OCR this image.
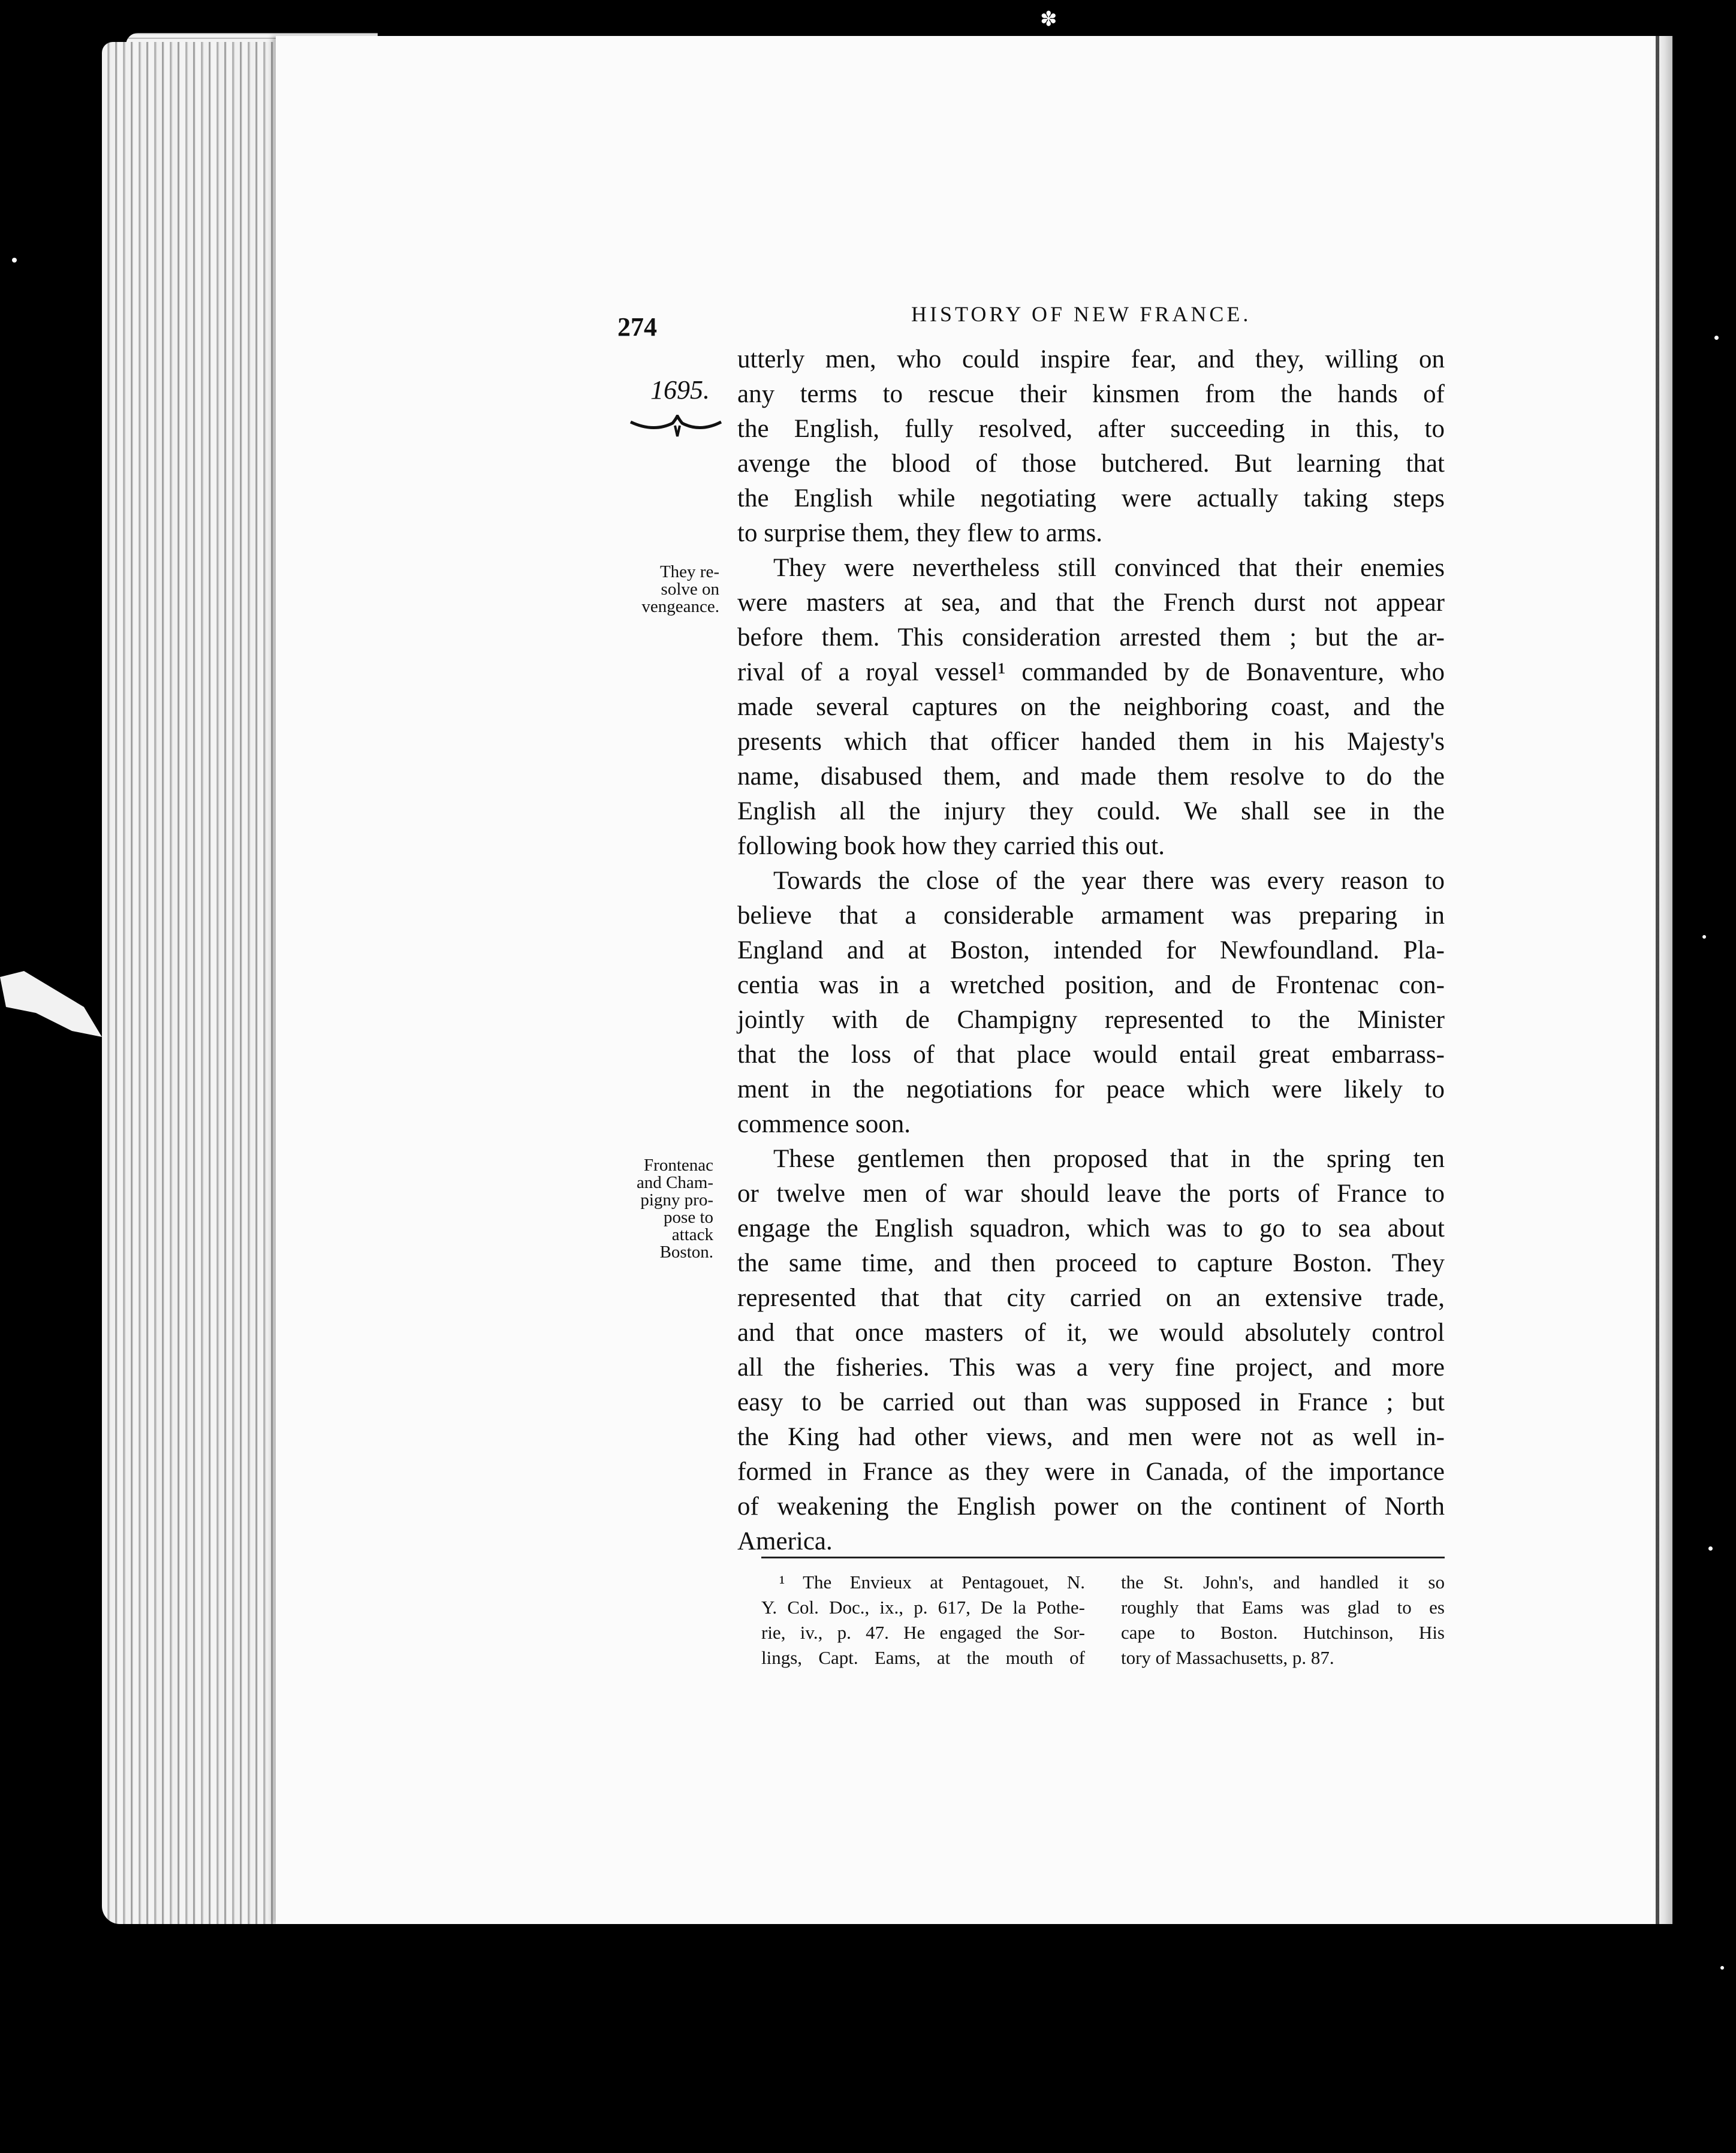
✽
274	HISTORY OF NEW FRANCE.
1695.
They re-
solve on
vengeance.
Frontenac
and Cham-
pigny pro-
pose to
attack
Boston.
utterly men, who could inspire fear, and they, willing on
any terms to rescue their kinsmen from the hands of
the English, fully resolved, after succeeding in this, to
avenge the blood of those butchered. But learning that
the English while negotiating were actually taking steps
to surprise them, they flew to arms.
They were nevertheless still convinced that their enemies
were masters at sea, and that the French durst not appear
before them. This consideration arrested them ; but the ar-
rival of a royal vessel¹ commanded by de Bonaventure, who
made several captures on the neighboring coast, and the
presents which that officer handed them in his Majesty's
name, disabused them, and made them resolve to do the
English all the injury they could. We shall see in the
following book how they carried this out.
Towards the close of the year there was every reason to
believe that a considerable armament was preparing in
England and at Boston, intended for Newfoundland. Pla-
centia was in a wretched position, and de Frontenac con-
jointly with de Champigny represented to the Minister
that the loss of that place would entail great embarrass-
ment in the negotiations for peace which were likely to
commence soon.
These gentlemen then proposed that in the spring ten
or twelve men of war should leave the ports of France to
engage the English squadron, which was to go to sea about
the same time, and then proceed to capture Boston. They
represented that that city carried on an extensive trade,
and that once masters of it, we would absolutely control
all the fisheries. This was a very fine project, and more
easy to be carried out than was supposed in France ; but
the King had other views, and men were not as well in-
formed in France as they were in Canada, of the importance
of weakening the English power on the continent of North
America.
¹ The Envieux at Pentagouet, N.
Y. Col. Doc., ix., p. 617, De la Pothe-
rie, iv., p. 47. He engaged the Sor-
lings, Capt. Eams, at the mouth of
the St. John's, and handled it so
roughly that Eams was glad to es
cape to Boston. Hutchinson, His
tory of Massachusetts, p. 87.
